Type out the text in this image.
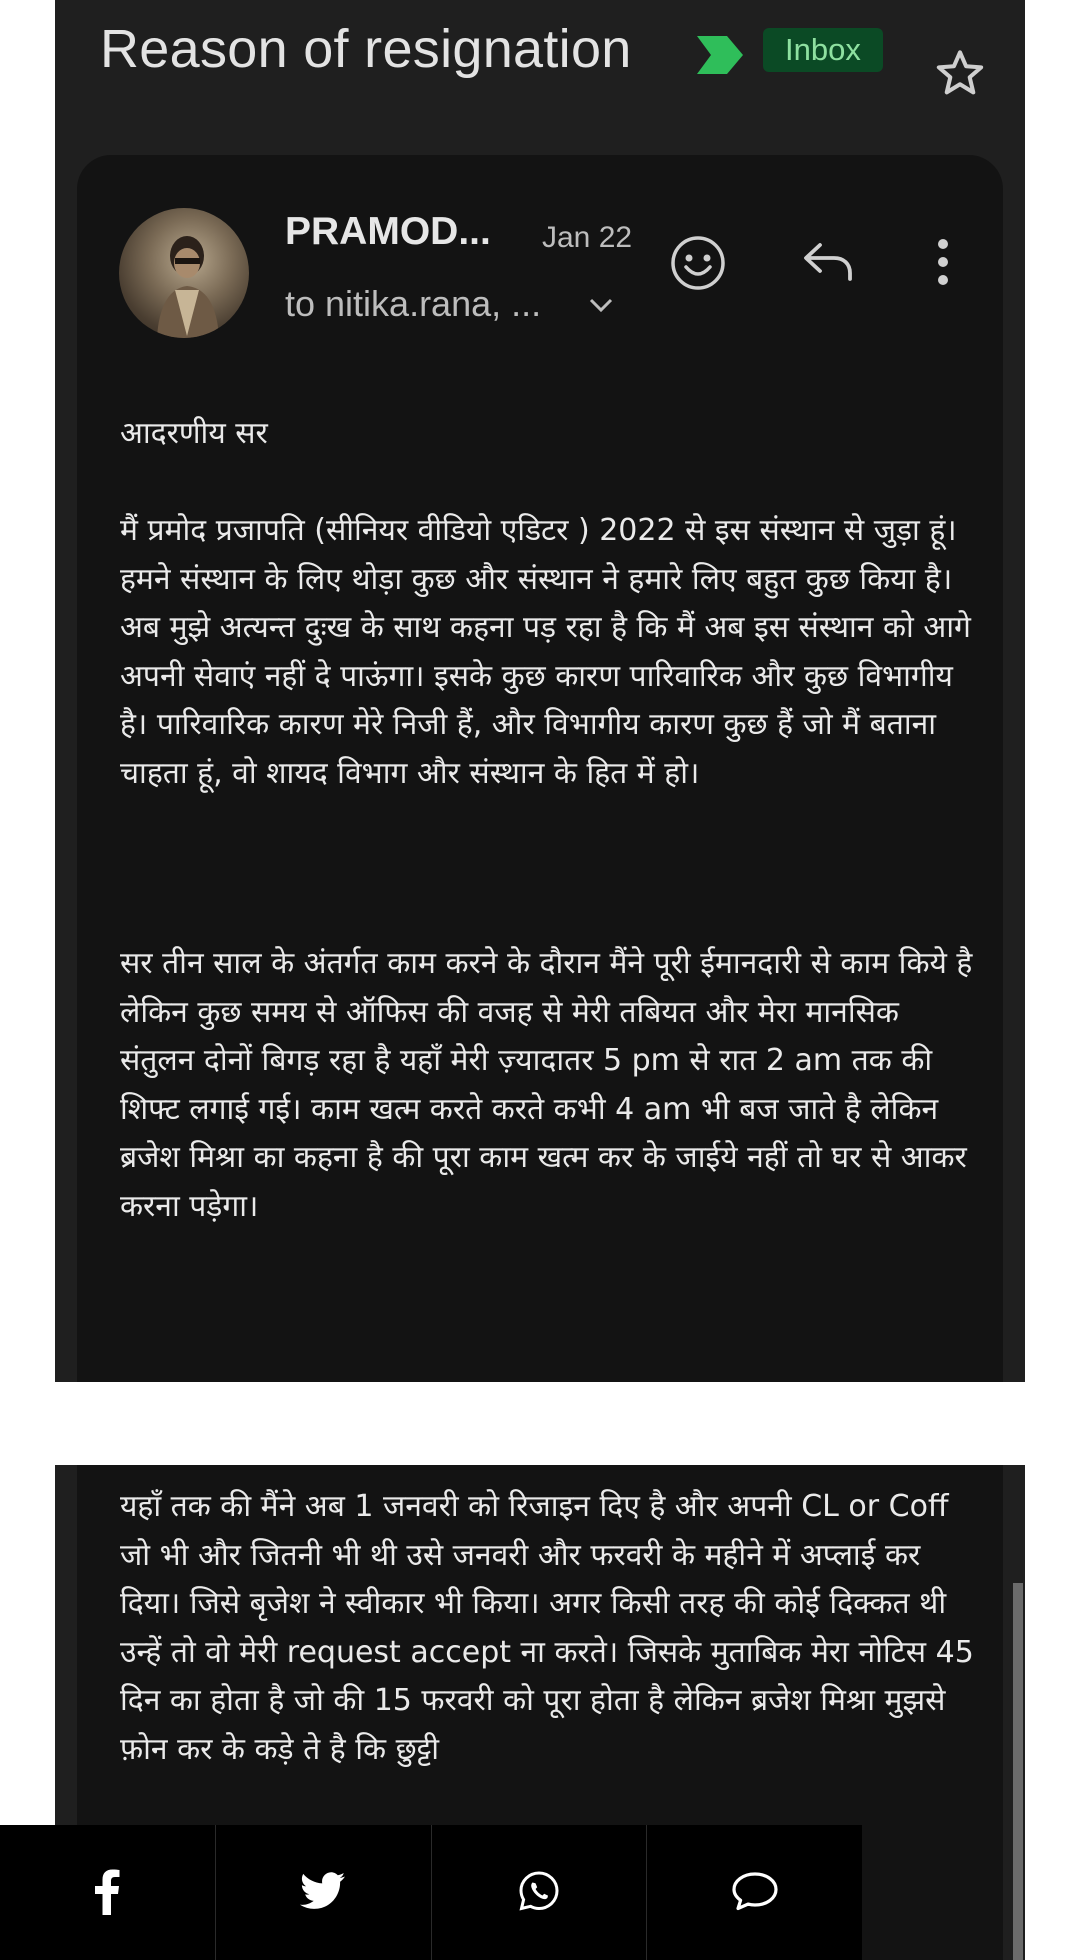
Reason of resignation	Inbox
PRAMOD... Jan 22
to nitika.rana, ...
आदरणीय सर
मैं प्रमोद प्रजापति (सीनियर वीडियो एडिटर ) 2022 से इस संस्थान से जुड़ा हूं। हमने संस्थान के लिए थोड़ा कुछ और संस्थान ने हमारे लिए बहुत कुछ किया है। अब मुझे अत्यन्त दुःख के साथ कहना पड़ रहा है कि मैं अब इस संस्थान को आगे अपनी सेवाएं नहीं दे पाऊंगा। इसके कुछ कारण पारिवारिक और कुछ विभागीय है। पारिवारिक कारण मेरे निजी हैं, और विभागीय कारण कुछ हैं जो मैं बताना चाहता हूं, वो शायद विभाग और संस्थान के हित में हो।
सर तीन साल के अंतर्गत काम करने के दौरान मैंने पूरी ईमानदारी से काम किये है लेकिन कुछ समय से ऑफिस की वजह से मेरी तबियत और मेरा मानसिक संतुलन दोनों बिगड़ रहा है यहाँ मेरी ज़्यादातर 5 pm से रात 2 am तक की शिफ्ट लगाई गई। काम खत्म करते करते कभी 4 am भी बज जाते है लेकिन ब्रजेश मिश्रा का कहना है की पूरा काम खत्म कर के जाईये नहीं तो घर से आकर करना पड़ेगा।
यहाँ तक की मैंने अब 1 जनवरी को रिजाइन दिए है और अपनी CL or Coff जो भी और जितनी भी थी उसे जनवरी और फरवरी के महीने में अप्लाई कर दिया। जिसे बृजेश ने स्वीकार भी किया। अगर किसी तरह की कोई दिक्कत थी उन्हें तो वो मेरी request accept ना करते। जिसके मुताबिक मेरा नोटिस 45 दिन का होता है जो की 15 फरवरी को पूरा होता है लेकिन ब्रजेश मिश्रा मुझसे फ़ोन कर के कड़े ते है कि छुट्टी
